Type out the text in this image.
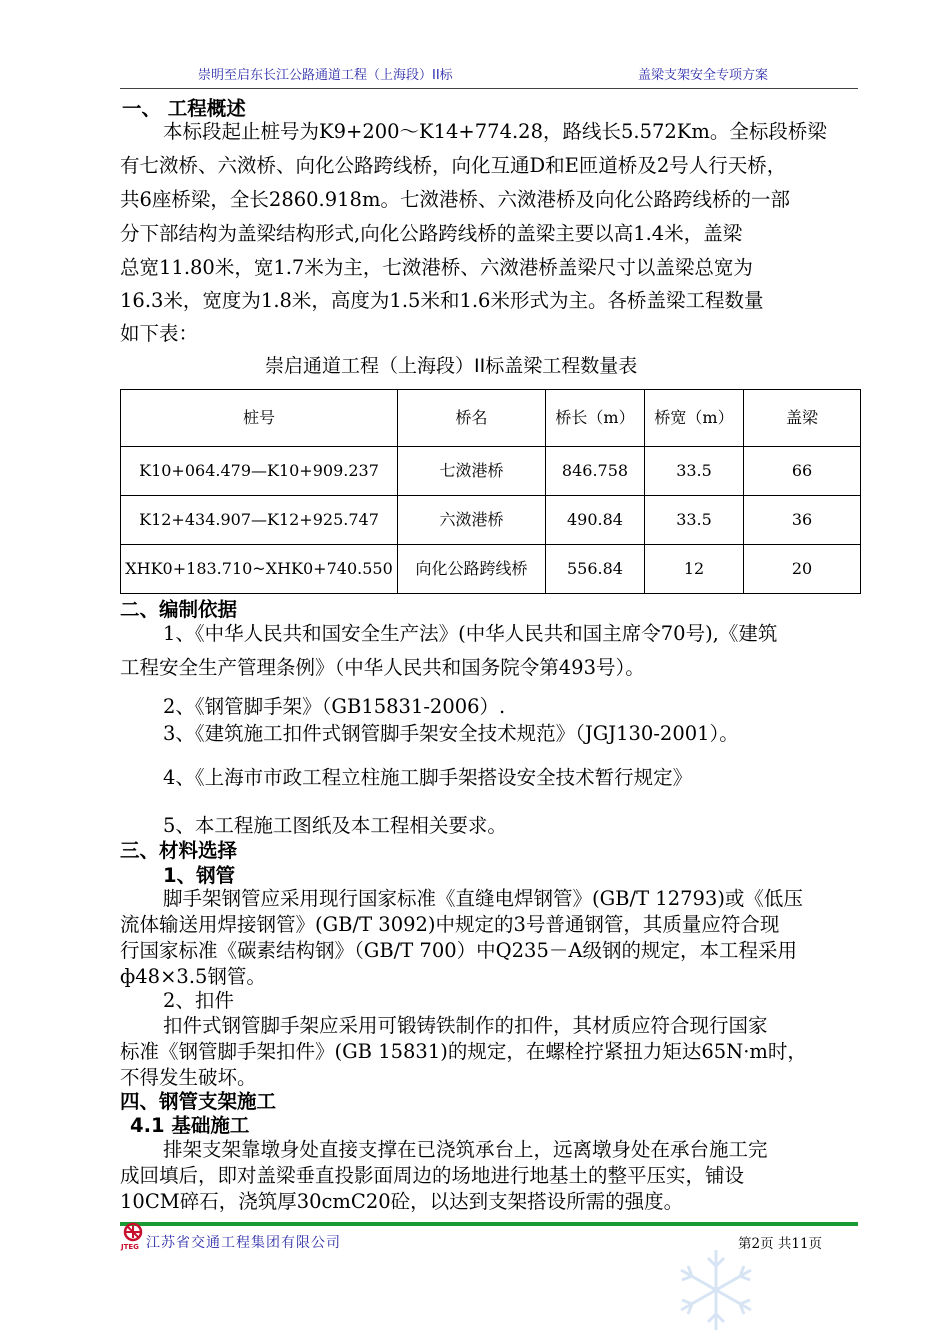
崇明至启东长江公路通道工程（上海段）II标	盖梁支架安全专项方案
一、 工程概述
本标段起止桩号为K9+200～K14+774.28，路线长5.572Km。全标段桥梁
有七滧桥、六滧桥、向化公路跨线桥，向化互通D和E匝道桥及2号人行天桥，
共6座桥梁，全长2860.918m。七滧港桥、六滧港桥及向化公路跨线桥的一部
分下部结构为盖梁结构形式,向化公路跨线桥的盖梁主要以高1.4米，盖梁
总宽11.80米，宽1.7米为主，七滧港桥、六滧港桥盖梁尺寸以盖梁总宽为
16.3米，宽度为1.8米，高度为1.5米和1.6米形式为主。各桥盖梁工程数量
如下表：
崇启通道工程（上海段）II标盖梁工程数量表
桩号	桥名	桥长（m）	桥宽（m）	盖梁
K10+064.479—K10+909.237	七滧港桥	846.758	33.5	66
K12+434.907—K12+925.747	六滧港桥	490.84	33.5	36
XHK0+183.710~XHK0+740.550	向化公路跨线桥	556.84	12	20
二、编制依据
1、《中华人民共和国安全生产法》(中华人民共和国主席令70号),《建筑
工程安全生产管理条例》（中华人民共和国务院令第493号）。
2、《钢管脚手架》（GB15831-2006）.
3、《建筑施工扣件式钢管脚手架安全技术规范》（JGJ130-2001）。
4、《上海市市政工程立柱施工脚手架搭设安全技术暂行规定》
5、本工程施工图纸及本工程相关要求。
三、材料选择
1、钢管
脚手架钢管应采用现行国家标准《直缝电焊钢管》(GB/T 12793)或《低压
流体输送用焊接钢管》(GB/T 3092)中规定的3号普通钢管，其质量应符合现
行国家标准《碳素结构钢》（GB/T 700）中Q235－A级钢的规定，本工程采用
ф48×3.5钢管。
2、扣件
扣件式钢管脚手架应采用可锻铸铁制作的扣件，其材质应符合现行国家
标准《钢管脚手架扣件》(GB 15831)的规定，在螺栓拧紧扭力矩达65N·m时，
不得发生破坏。
四、钢管支架施工
4.1 基础施工
排架支架靠墩身处直接支撑在已浇筑承台上，远离墩身处在承台施工完
成回填后，即对盖梁垂直投影面周边的场地进行地基土的整平压实，铺设
10CM碎石，浇筑厚30cmC20砼，以达到支架搭设所需的强度。
JTEG 江苏省交通工程集团有限公司	第2页 共11页
